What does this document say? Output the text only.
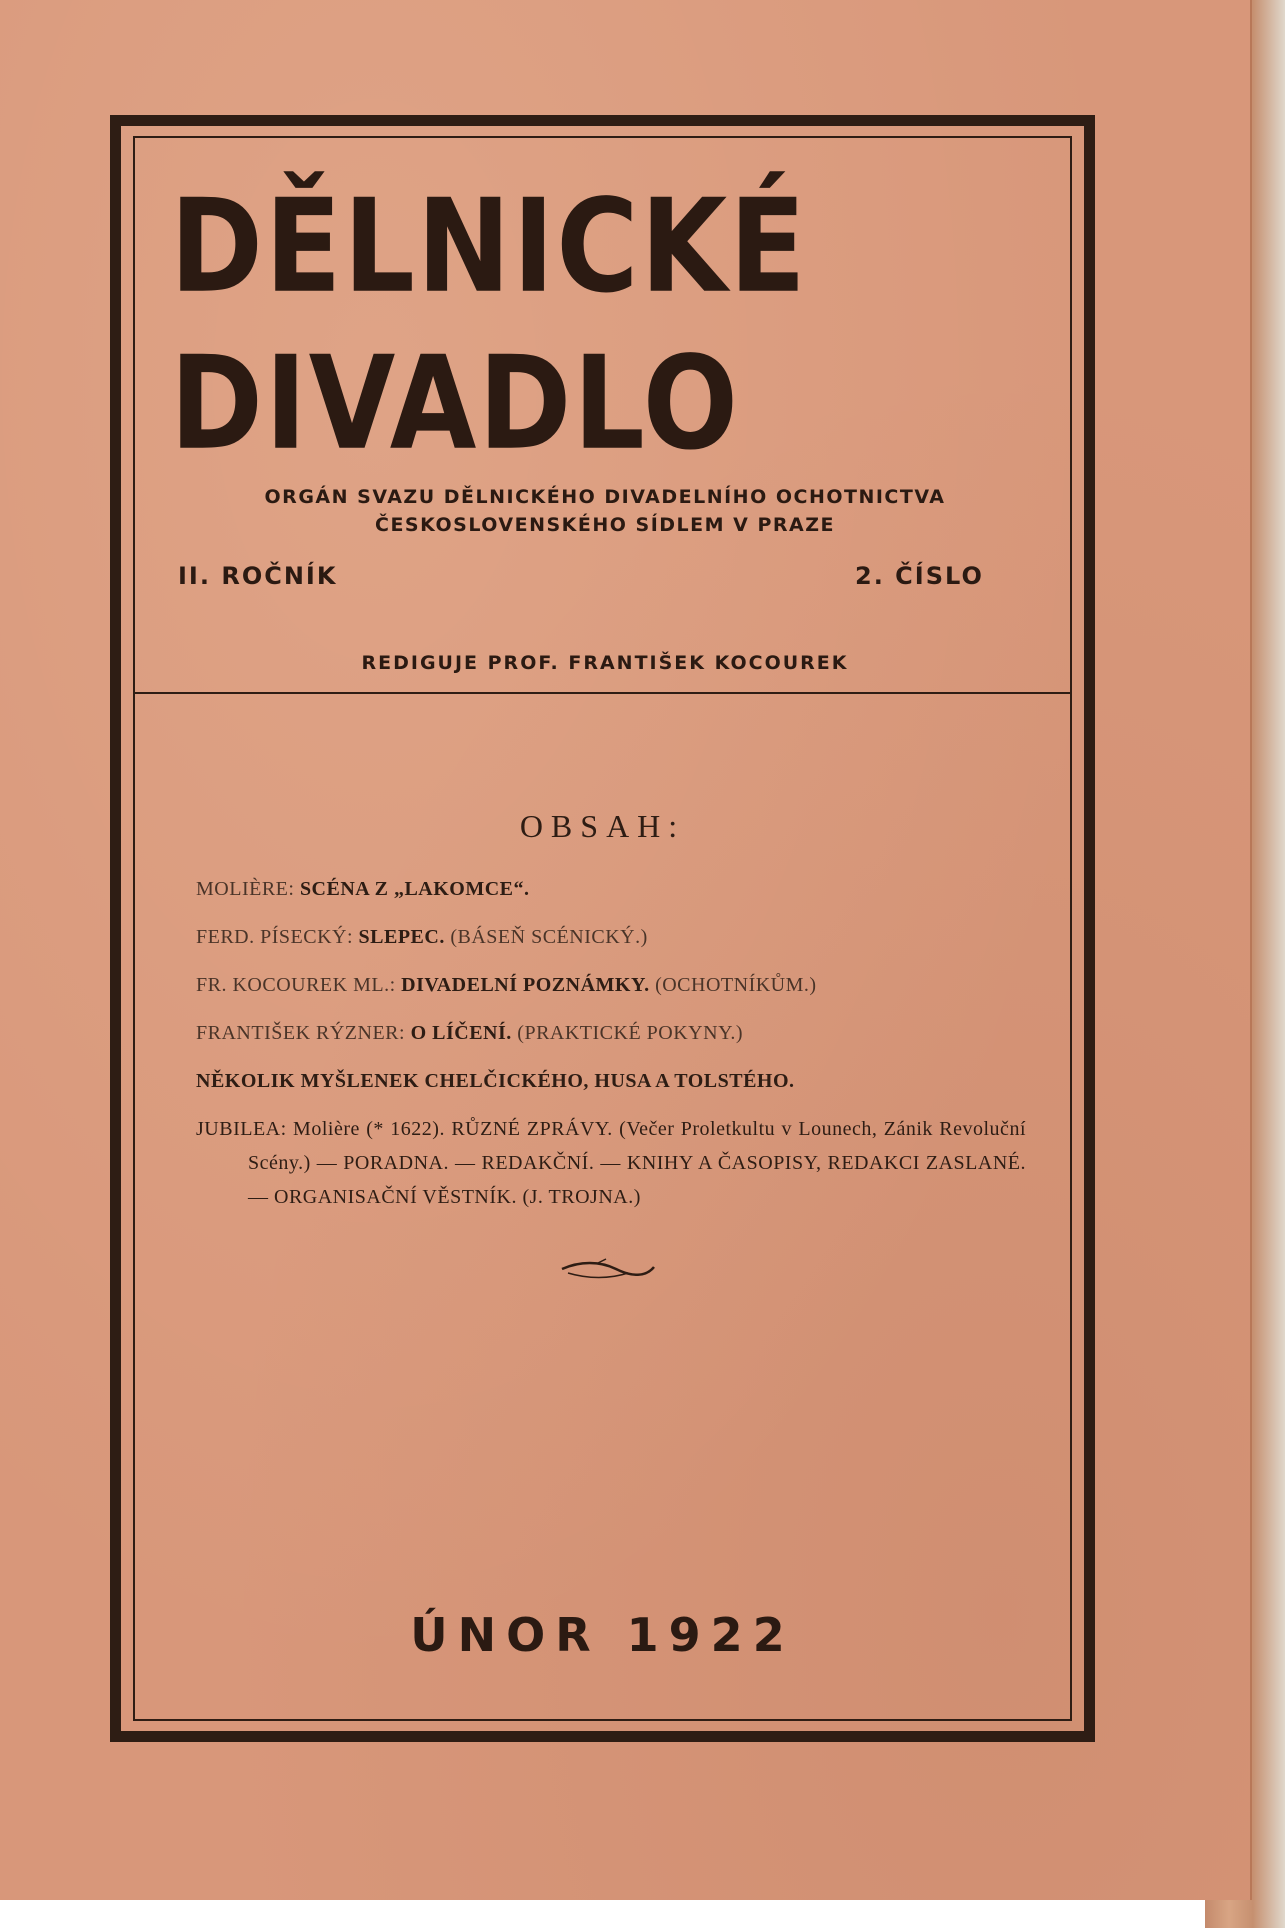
DĚLNICKÉ
DIVADLO
ORGÁN SVAZU DĚLNICKÉHO DIVADELNÍHO OCHOTNICTVA
ČESKOSLOVENSKÉHO SÍDLEM V PRAZE
II. ROČNÍK	2. ČÍSLO
REDIGUJE PROF. FRANTIŠEK KOCOUREK
OBSAH:

MOLIÈRE: SCÉNA Z „LAKOMCE“.

FERD. PÍSECKÝ: SLEPEC. (BÁSEŇ SCÉNICKÝ.)

FR. KOCOUREK ML.: DIVADELNÍ POZNÁMKY. (OCHOTNÍKŮM.)

FRANTIŠEK RÝZNER: O LÍČENÍ. (PRAKTICKÉ POKYNY.)

NĚKOLIK MYŠLENEK CHELČICKÉHO, HUSA A TOLSTÉHO.

JUBILEA: Molière (* 1622). RŮZNÉ ZPRÁVY. (Večer Proletkultu v Lounech, Zánik Revoluční Scény.) — PORADNA. — REDAKČNÍ. — KNIHY A ČASOPISY, REDAKCI ZASLANÉ. — ORGANISAČNÍ VĚSTNÍK. (J. TROJNA.)

ÚNOR 1922
